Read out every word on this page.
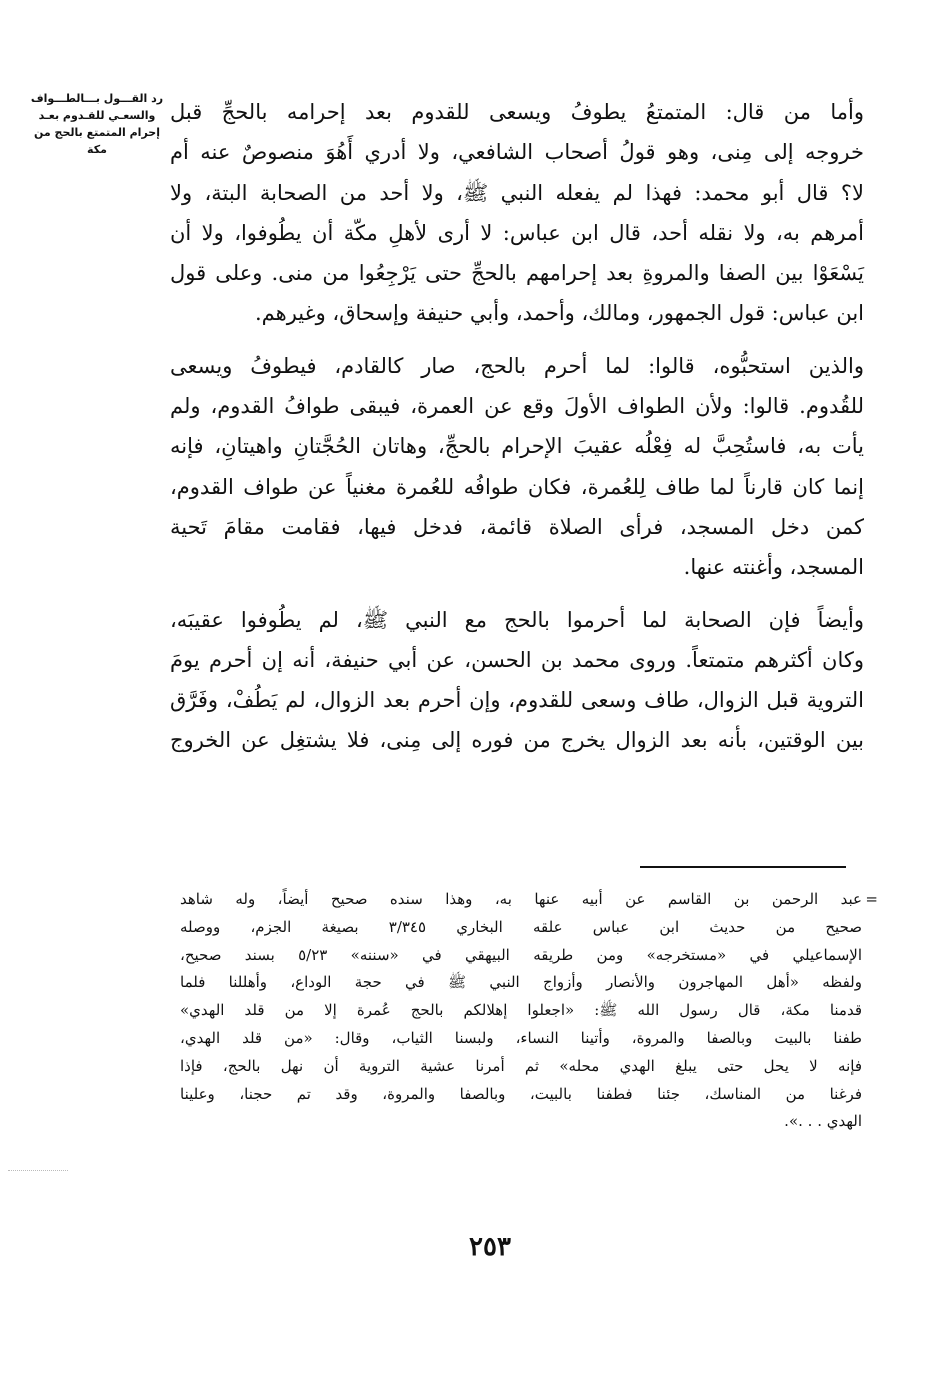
رد القـــول بـــالطـــواف
والسعـي للقـدوم بعـد
إحرام المتمتع بالحج من
مكة

وأما من قال: المتمتعُ يطوفُ ويسعى للقدوم بعد إحرامه بالحجِّ قبل
خروجه إلى مِنى، وهو قولُ أصحاب الشافعي، ولا أدري أَهُوَ منصوصٌ عنه أم
لا؟ قال أبو محمد: فهذا لم يفعله النبي ﷺ، ولا أحد من الصحابة البتة، ولا
أمرهم به، ولا نقله أحد، قال ابن عباس: لا أرى لأهلِ مكّة أن يطُوفوا، ولا أن
يَسْعَوْا بين الصفا والمروةِ بعد إحرامهم بالحجِّ حتى يَرْجِعُوا من منى. وعلى قول
ابن عباس: قول الجمهور، ومالك، وأحمد، وأبي حنيفة وإسحاق، وغيرهم.

والذين استحبُّوه، قالوا: لما أحرم بالحج، صار كالقادم، فيطوفُ ويسعى
للقُدوم. قالوا: ولأن الطواف الأولَ وقع عن العمرة، فيبقى طوافُ القدوم، ولم
يأت به، فاستُحِبَّ له فِعْلُه عقيبَ الإحرام بالحجِّ، وهاتان الحُجَّتانِ واهيتانِ، فإنه
إنما كان قارناً لما طاف لِلعُمرة، فكان طوافُه للعُمرة مغنياً عن طواف القدوم،
كمن دخل المسجد، فرأى الصلاة قائمة، فدخل فيها، فقامت مقامَ تَحية
المسجد، وأغنته عنها.

وأيضاً فإن الصحابة لما أحرموا بالحج مع النبي ﷺ، لم يطُوفوا عقيبَه،
وكان أكثرهم متمتعاً. وروى محمد بن الحسن، عن أبي حنيفة، أنه إن أحرم يومَ
التروية قبل الزوال، طاف وسعى للقدوم، وإن أحرم بعد الزوال، لم يَطُفْ، وفَرَّق
بين الوقتين، بأنه بعد الزوال يخرج من فوره إلى مِنى، فلا يشتغِل عن الخروج

=
عبد الرحمن بن القاسم عن أبيه عنها به، وهذا سنده صحيح أيضاً، وله شاهد
صحيح من حديث ابن عباس علقه البخاري ٣/٣٤٥ بصيغة الجزم، ووصله
الإسماعيلي في «مستخرجه» ومن طريقه البيهقي في «سننه» ٥/٢٣ بسند صحيح،
ولفظه «أهل المهاجرون والأنصار وأزواج النبي ﷺ في حجة الوداع، وأهللنا فلما
قدمنا مكة، قال رسول الله ﷺ: «اجعلوا إهلالكم بالحج عُمرة إلا من قلد الهدي»
طفنا بالبيت وبالصفا والمروة، وأتينا النساء، ولبسنا الثياب، وقال: «من قلد الهدي،
فإنه لا يحل حتى يبلغ الهدي محله» ثم أمرنا عشية التروية أن نهل بالحج، فإذا
فرغنا من المناسك، جئنا فطفنا بالبيت، وبالصفا والمروة، وقد تم حجنا، وعلينا
الهدي . . .».
٢٥٣
